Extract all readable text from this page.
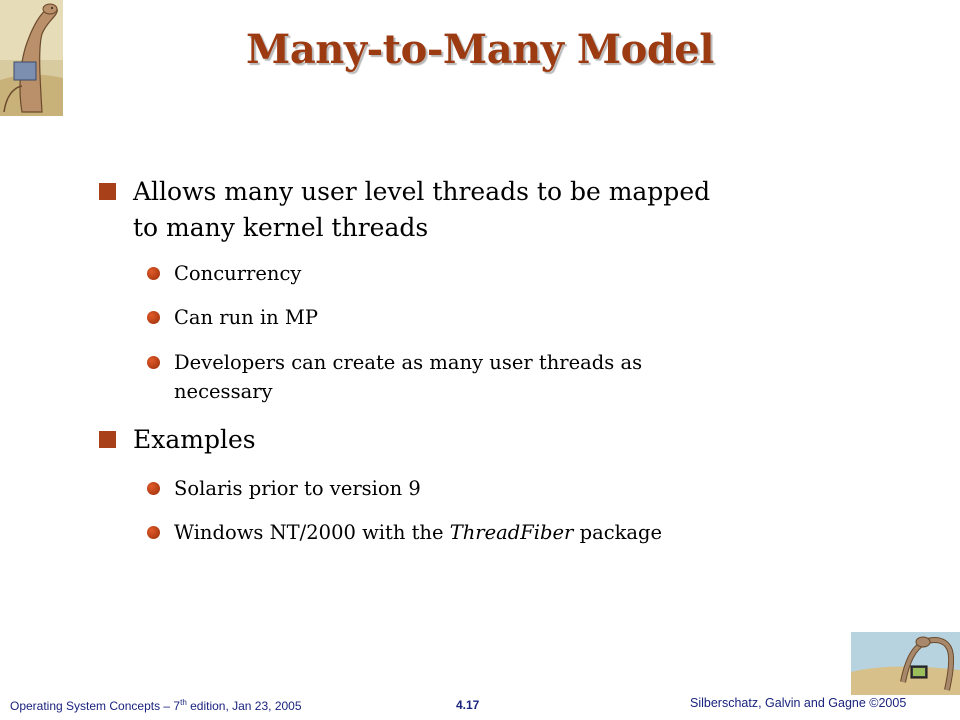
Many-to-Many Model
Allows many user level threads to be mapped
to many kernel threads
Concurrency
Can run in MP
Developers can create as many user threads as
necessary
Examples
Solaris prior to version 9
Windows NT/2000 with the ThreadFiber package
Operating System Concepts – 7th edition, Jan 23, 2005	4.17	Silberschatz, Galvin and Gagne ©2005
